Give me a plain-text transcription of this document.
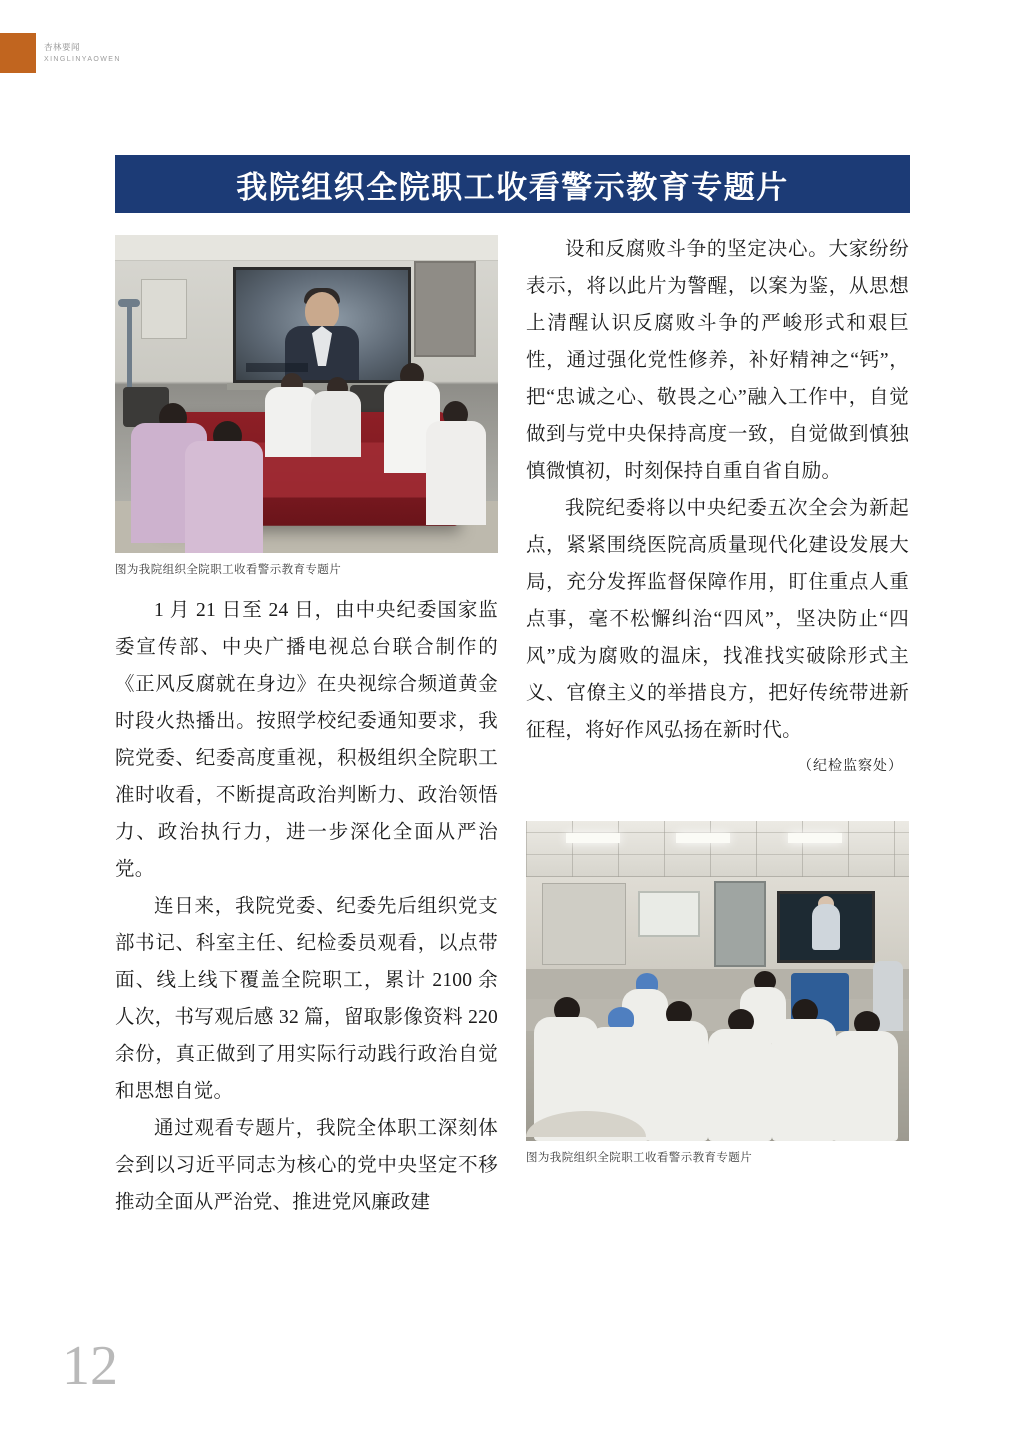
杏林要闻
XINGLINYAOWEN
我院组织全院职工收看警示教育专题片
图为我院组织全院职工收看警示教育专题片

1 月 21 日至 24 日，由中央纪委国家监委宣传部、中央广播电视总台联合制作的《正风反腐就在身边》在央视综合频道黄金时段火热播出。按照学校纪委通知要求，我院党委、纪委高度重视，积极组织全院职工准时收看，不断提高政治判断力、政治领悟力、政治执行力，进一步深化全面从严治党。

连日来，我院党委、纪委先后组织党支部书记、科室主任、纪检委员观看，以点带面、线上线下覆盖全院职工，累计 2100 余人次，书写观后感 32 篇，留取影像资料 220 余份，真正做到了用实际行动践行政治自觉和思想自觉。

通过观看专题片，我院全体职工深刻体会到以习近平同志为核心的党中央坚定不移推动全面从严治党、推进党风廉政建

设和反腐败斗争的坚定决心。大家纷纷表示，将以此片为警醒，以案为鉴，从思想上清醒认识反腐败斗争的严峻形式和艰巨性，通过强化党性修养，补好精神之“钙”，把“忠诚之心、敬畏之心”融入工作中，自觉做到与党中央保持高度一致，自觉做到慎独慎微慎初，时刻保持自重自省自励。

我院纪委将以中央纪委五次全会为新起点，紧紧围绕医院高质量现代化建设发展大局，充分发挥监督保障作用，盯住重点人重点事，毫不松懈纠治“四风”，坚决防止“四风”成为腐败的温床，找准找实破除形式主义、官僚主义的举措良方，把好传统带进新征程，将好作风弘扬在新时代。

（纪检监察处）
图为我院组织全院职工收看警示教育专题片
12
